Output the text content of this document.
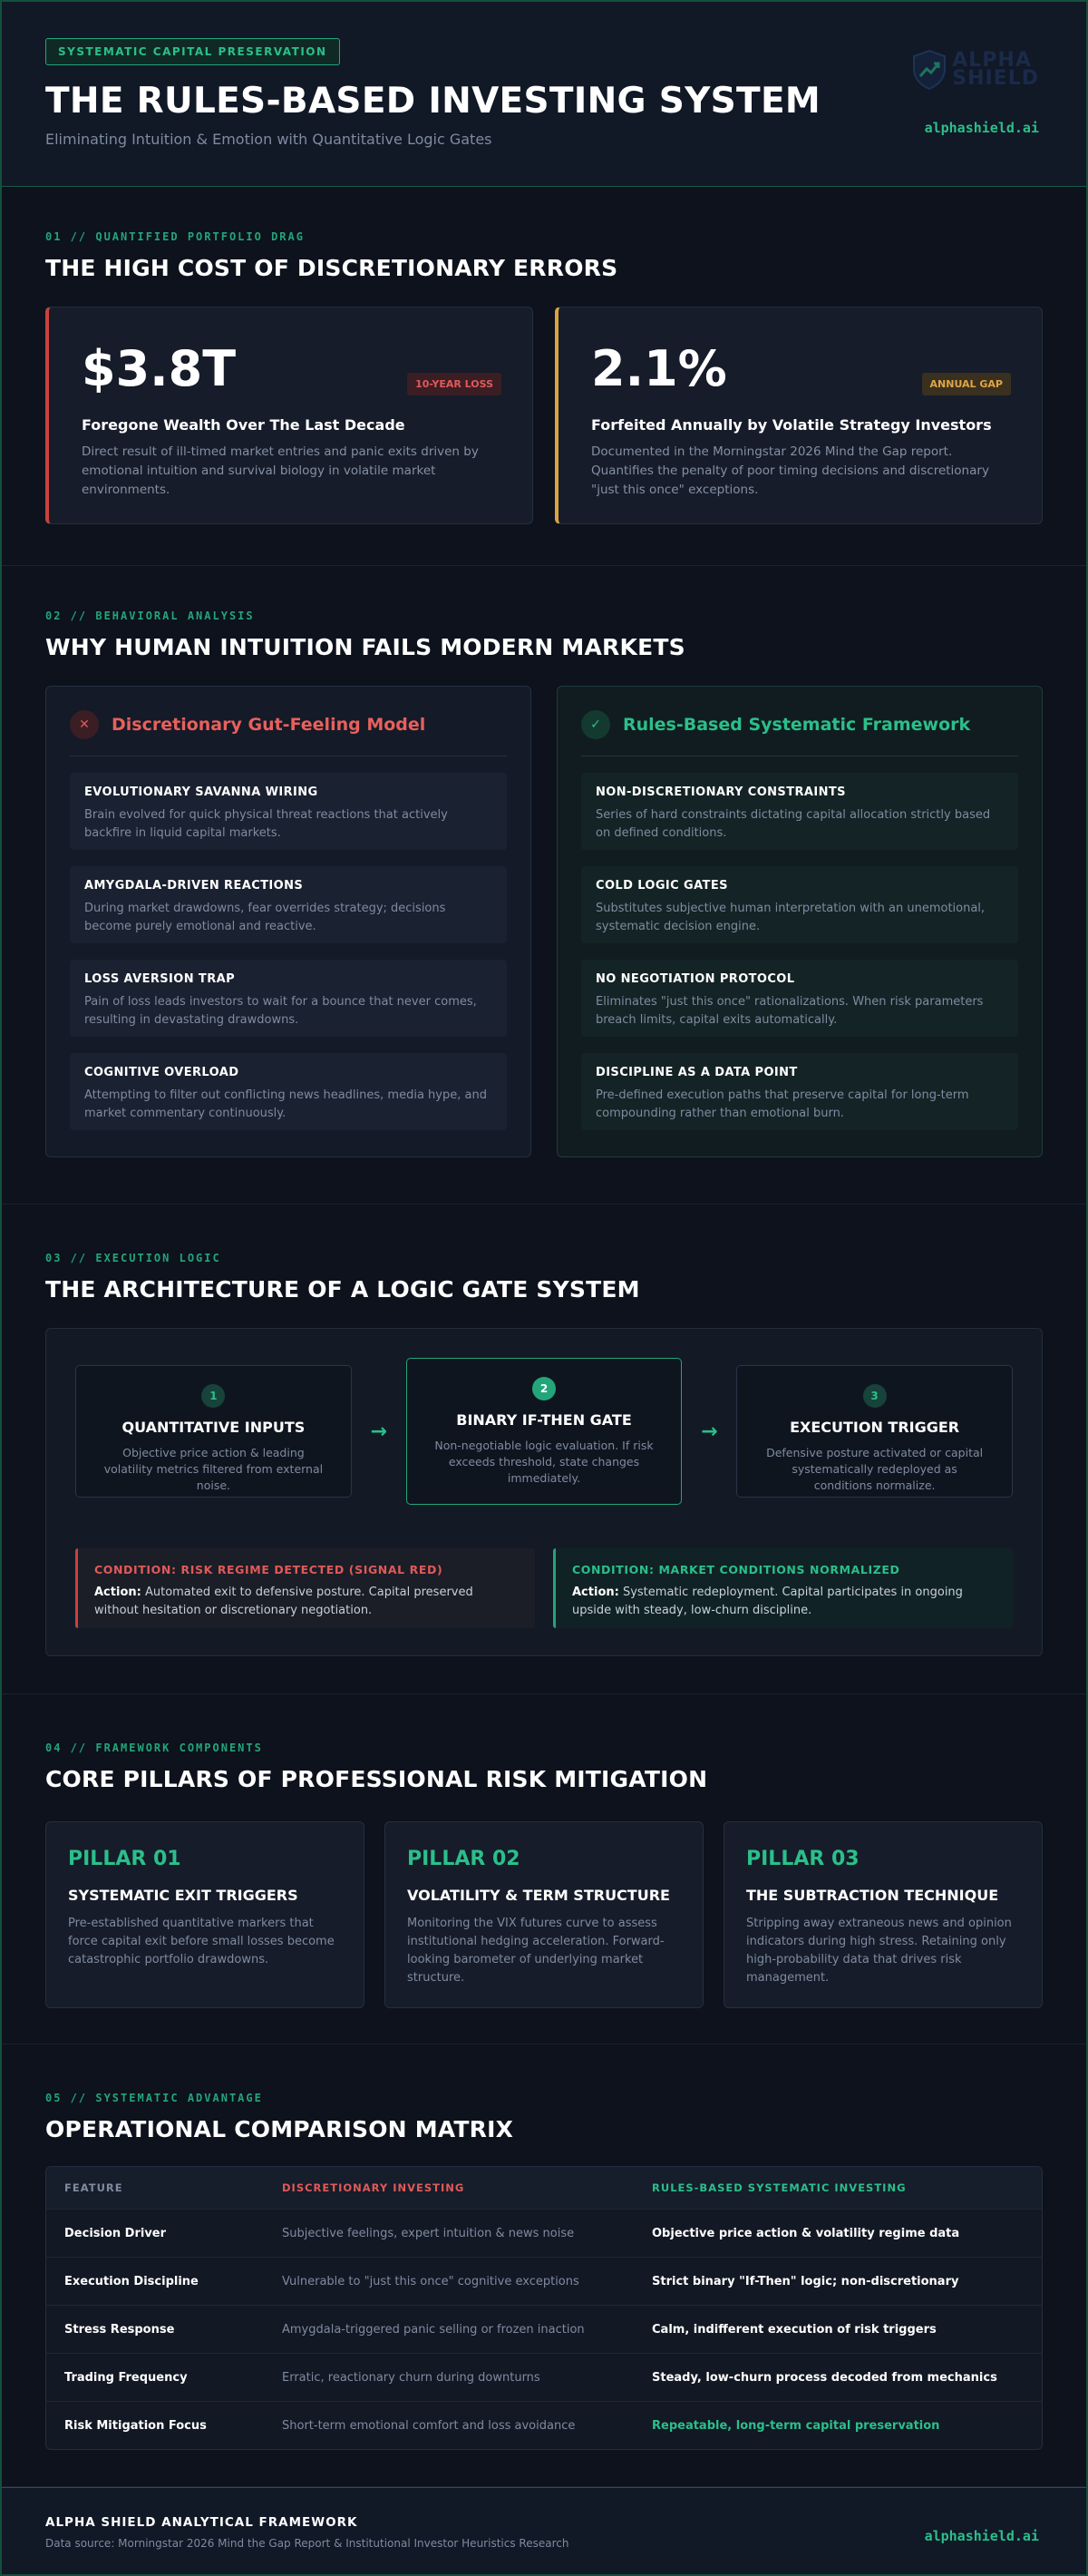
SYSTEMATIC CAPITAL PRESERVATION
THE RULES-BASED INVESTING SYSTEM
Eliminating Intuition & Emotion with Quantitative Logic Gates
ALPHA
SHIELD
alphashield.ai
01 // QUANTIFIED PORTFOLIO DRAG
THE HIGH COST OF DISCRETIONARY ERRORS
$3.8T	10-YEAR LOSS
Foregone Wealth Over The Last Decade
Direct result of ill-timed market entries and panic exits driven by emotional intuition and survival biology in volatile market environments.
2.1%	ANNUAL GAP
Forfeited Annually by Volatile Strategy Investors
Documented in the Morningstar 2026 Mind the Gap report. Quantifies the penalty of poor timing decisions and discretionary "just this once" exceptions.
02 // BEHAVIORAL ANALYSIS
WHY HUMAN INTUITION FAILS MODERN MARKETS
✕	Discretionary Gut-Feeling Model
EVOLUTIONARY SAVANNA WIRING
Brain evolved for quick physical threat reactions that actively backfire in liquid capital markets.
AMYGDALA-DRIVEN REACTIONS
During market drawdowns, fear overrides strategy; decisions become purely emotional and reactive.
LOSS AVERSION TRAP
Pain of loss leads investors to wait for a bounce that never comes, resulting in devastating drawdowns.
COGNITIVE OVERLOAD
Attempting to filter out conflicting news headlines, media hype, and market commentary continuously.
✓	Rules-Based Systematic Framework
NON-DISCRETIONARY CONSTRAINTS
Series of hard constraints dictating capital allocation strictly based on defined conditions.
COLD LOGIC GATES
Substitutes subjective human interpretation with an unemotional, systematic decision engine.
NO NEGOTIATION PROTOCOL
Eliminates "just this once" rationalizations. When risk parameters breach limits, capital exits automatically.
DISCIPLINE AS A DATA POINT
Pre-defined execution paths that preserve capital for long-term compounding rather than emotional burn.
03 // EXECUTION LOGIC
THE ARCHITECTURE OF A LOGIC GATE SYSTEM
1
QUANTITATIVE INPUTS
Objective price action & leading volatility metrics filtered from external noise.
→
2
BINARY IF-THEN GATE
Non-negotiable logic evaluation. If risk exceeds threshold, state changes immediately.
→
3
EXECUTION TRIGGER
Defensive posture activated or capital systematically redeployed as conditions normalize.
CONDITION: RISK REGIME DETECTED (SIGNAL RED)
Action: Automated exit to defensive posture. Capital preserved without hesitation or discretionary negotiation.
CONDITION: MARKET CONDITIONS NORMALIZED
Action: Systematic redeployment. Capital participates in ongoing upside with steady, low-churn discipline.
04 // FRAMEWORK COMPONENTS
CORE PILLARS OF PROFESSIONAL RISK MITIGATION
PILLAR 01
SYSTEMATIC EXIT TRIGGERS
Pre-established quantitative markers that force capital exit before small losses become catastrophic portfolio drawdowns.
PILLAR 02
VOLATILITY & TERM STRUCTURE
Monitoring the VIX futures curve to assess institutional hedging acceleration. Forward-looking barometer of underlying market structure.
PILLAR 03
THE SUBTRACTION TECHNIQUE
Stripping away extraneous news and opinion indicators during high stress. Retaining only high-probability data that drives risk management.
05 // SYSTEMATIC ADVANTAGE
OPERATIONAL COMPARISON MATRIX
FEATURE	DISCRETIONARY INVESTING	RULES-BASED SYSTEMATIC INVESTING
Decision Driver	Subjective feelings, expert intuition & news noise	Objective price action & volatility regime data
Execution Discipline	Vulnerable to "just this once" cognitive exceptions	Strict binary "If-Then" logic; non-discretionary
Stress Response	Amygdala-triggered panic selling or frozen inaction	Calm, indifferent execution of risk triggers
Trading Frequency	Erratic, reactionary churn during downturns	Steady, low-churn process decoded from mechanics
Risk Mitigation Focus	Short-term emotional comfort and loss avoidance	Repeatable, long-term capital preservation
ALPHA SHIELD ANALYTICAL FRAMEWORK
Data source: Morningstar 2026 Mind the Gap Report & Institutional Investor Heuristics Research	alphashield.ai
